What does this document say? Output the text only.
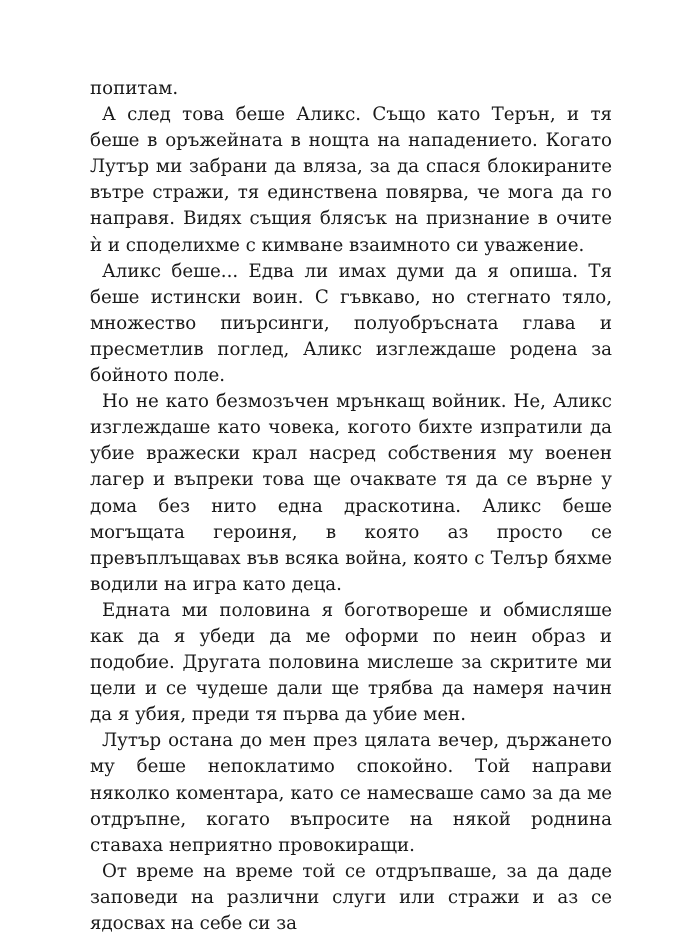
попитам.

А след това беше Аликс. Също като Терън, и тя беше в оръжейната в нощта на нападението. Когато Лутър ми забрани да вляза, за да спася блокираните вътре стражи, тя единствена повярва, че мога да го направя. Видях същия блясък на признание в очите ѝ и споделихме с кимване взаимното си уважение.

Аликс беше... Едва ли имах думи да я опиша. Тя беше истински воин. С гъвкаво, но стегнато тяло, множество пиърсинги, полуобръсната глава и пресметлив поглед, Аликс изглеждаше родена за бойното поле.

Но не като безмозъчен мрънкащ войник. Не, Аликс изглеждаше като човека, когото бихте изпратили да убие вражески крал насред собствения му военен лагер и въпреки това ще очаквате тя да се върне у дома без нито една драскотина. Аликс беше могъщата героиня, в която аз просто се превъплъщавах във всяка война, която с Телър бяхме водили на игра като деца.

Едната ми половина я боготвореше и обмисляше как да я убеди да ме оформи по неин образ и подобие. Другата половина мислеше за скритите ми цели и се чудеше дали ще трябва да намеря начин да я убия, преди тя първа да убие мен.

Лутър остана до мен през цялата вечер, държането му беше непоклатимо спокойно. Той направи няколко коментара, като се намесваше само за да ме отдръпне, когато въпросите на някой роднина ставаха неприятно провокиращи.

От време на време той се отдръпваше, за да даде заповеди на различни слуги или стражи и аз се ядосвах на себе си за
